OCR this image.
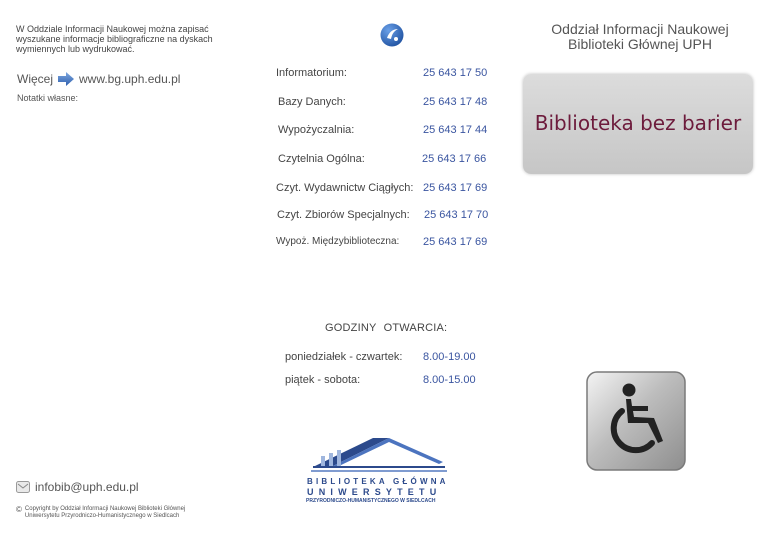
W Oddziale Informacji Naukowej można zapisać
wyszukane informacje bibliograficzne na dyskach
wymiennych lub wydrukować.
Więcej www.bg.uph.edu.pl
Notatki własne:
infobib@uph.edu.pl
© Copyright by Oddział Informacji Naukowej Biblioteki Głównej
Uniwersytetu Przyrodniczo-Humanistycznego w Siedlcach
Informatorium:	25 643 17 50
Bazy Danych:	25 643 17 48
Wypożyczalnia:	25 643 17 44
Czytelnia Ogólna:	25 643 17 66
Czyt. Wydawnictw Ciągłych: 25 643 17 69
Czyt. Zbiorów Specjalnych: 25 643 17 70
Wypoż. Międzybiblioteczna: 25 643 17 69
GODZINY OTWARCIA:
poniedziałek - czwartek: 8.00-19.00
piątek - sobota:	8.00-15.00
BIBLIOTEKA GŁÓWNA
UNIWERSYTETU
PRZYRODNICZO-HUMANISTYCZNEGO W SIEDLCACH
Oddział Informacji Naukowej
Biblioteki Głównej UPH
Biblioteka bez barier
